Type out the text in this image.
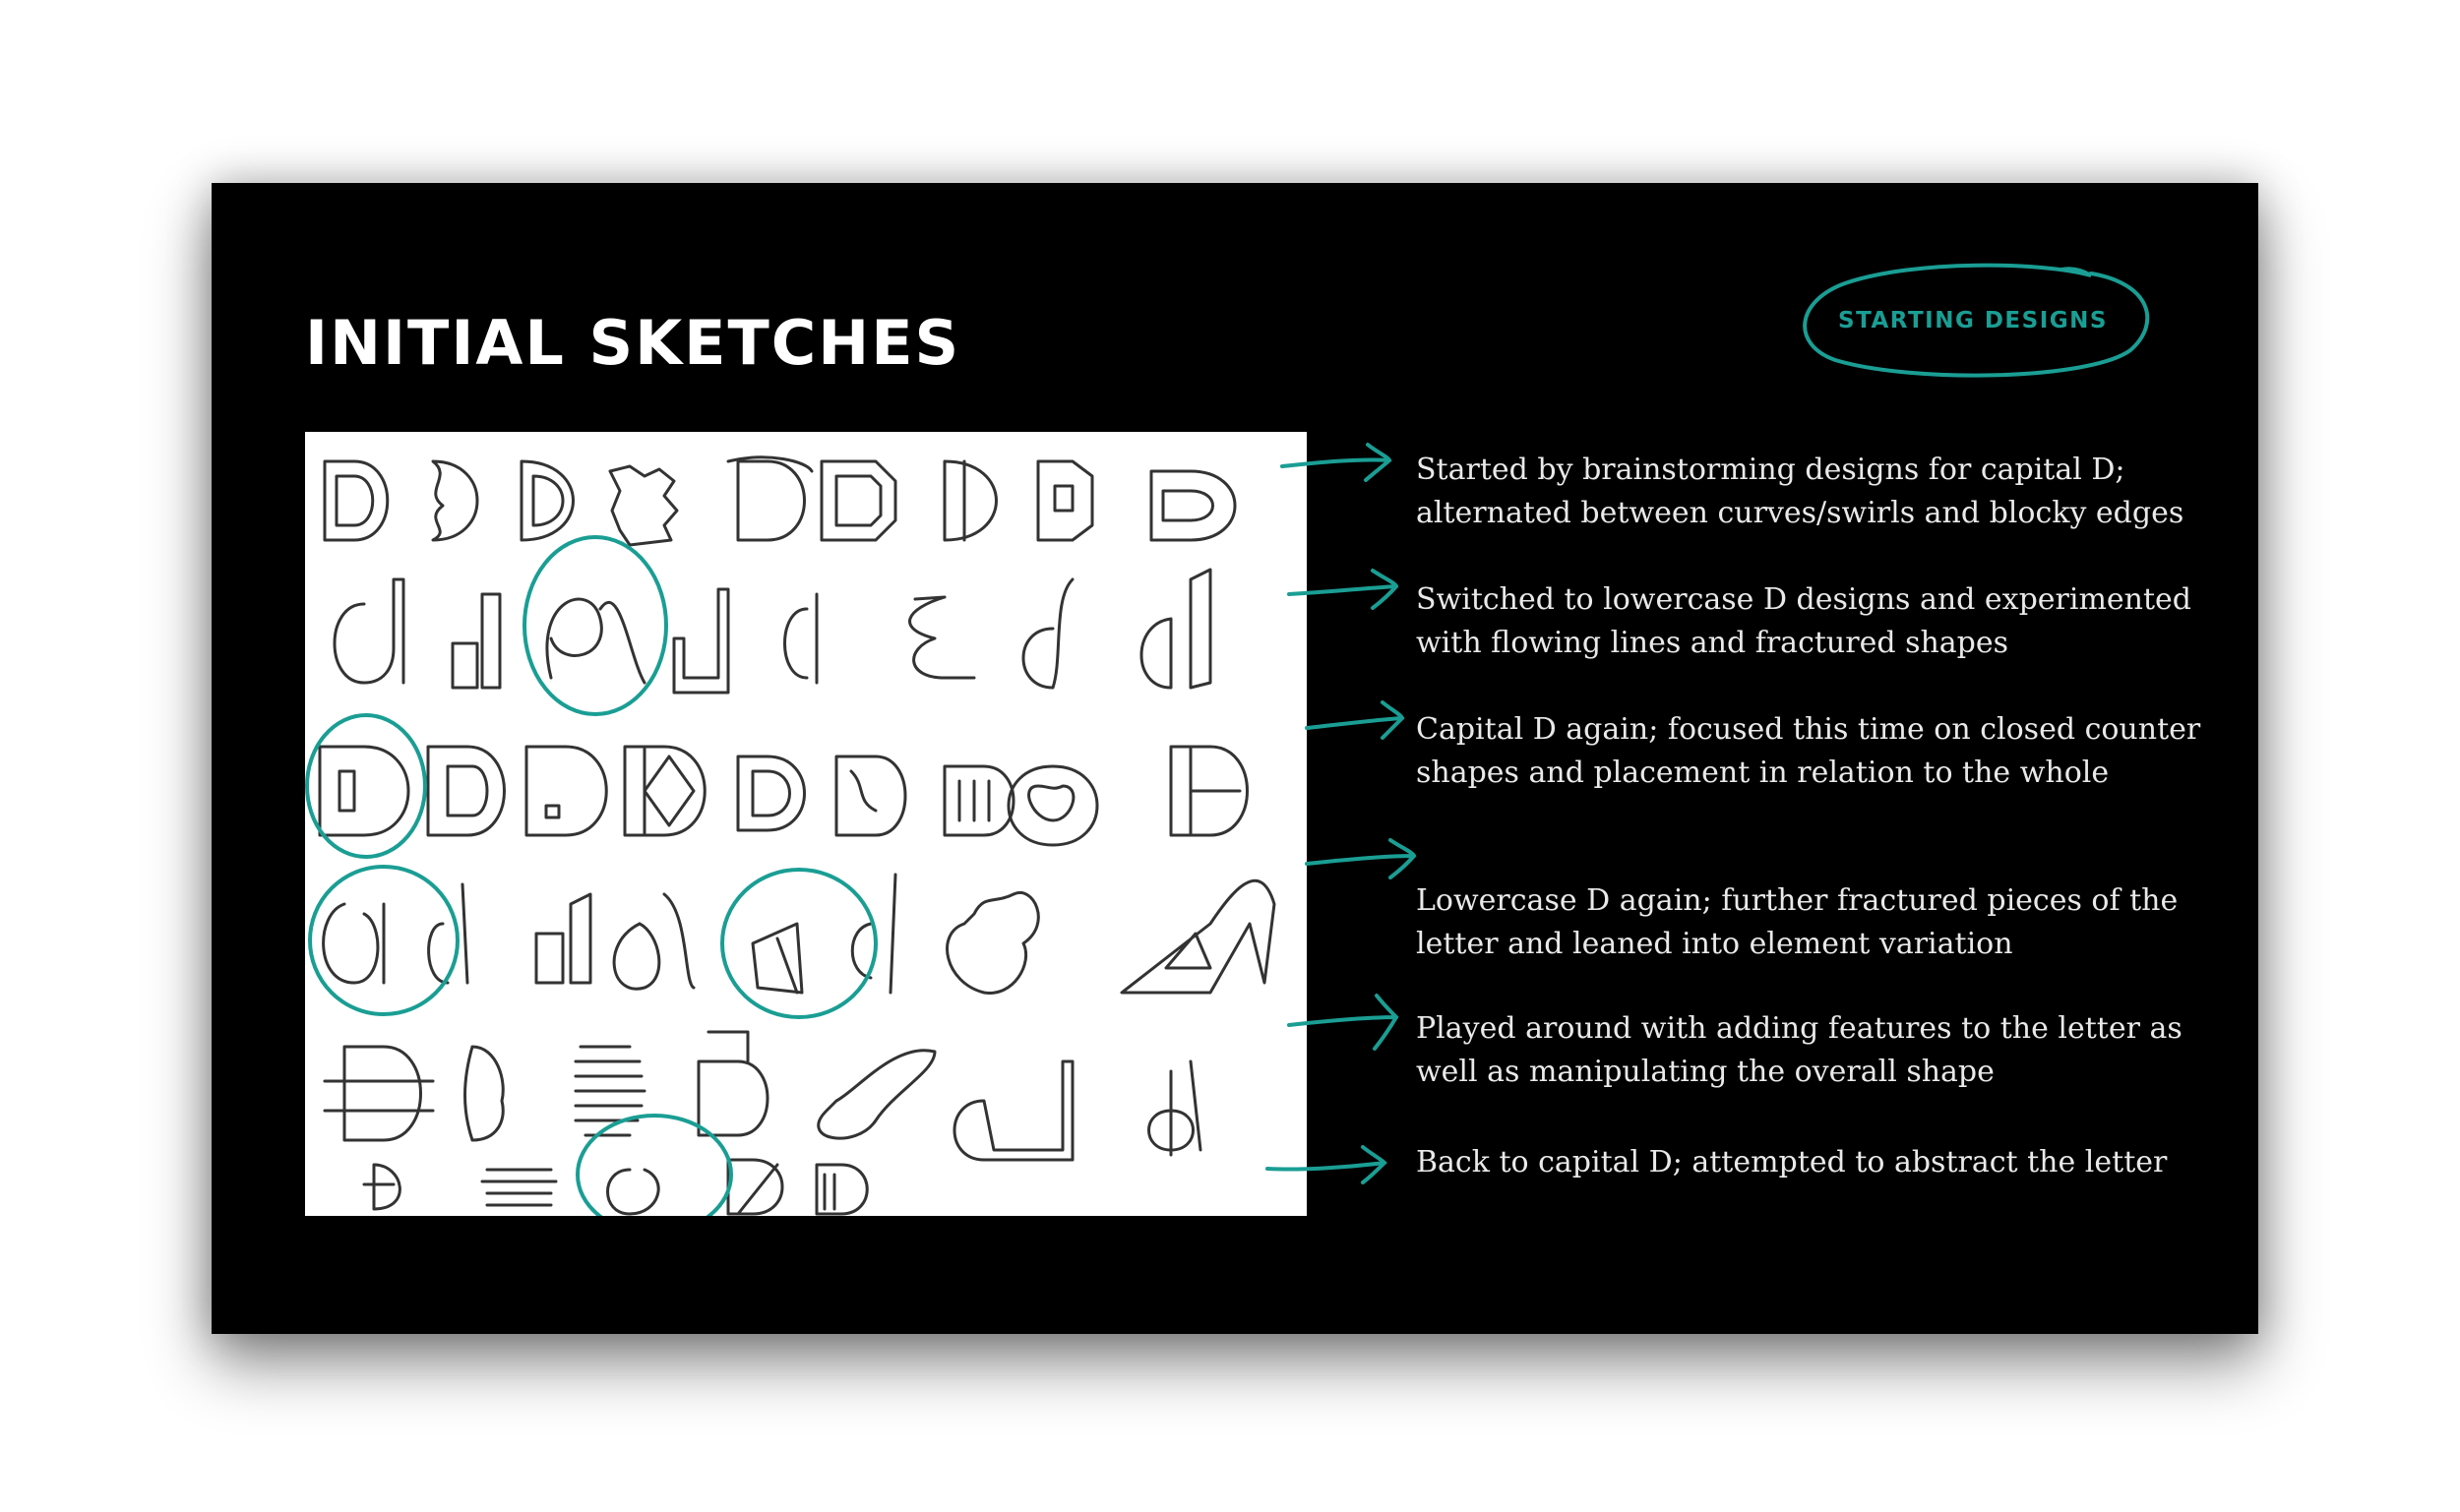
INITIAL SKETCHES	STARTING DESIGNS
Started by brainstorming designs for capital D; alternated between curves/swirls and blocky edges
Switched to lowercase D designs and experimented with flowing lines and fractured shapes
Capital D again; focused this time on closed counter shapes and placement in relation to the whole
Lowercase D again; further fractured pieces of the letter and leaned into element variation
Played around with adding features to the letter as well as manipulating the overall shape
Back to capital D; attempted to abstract the letter
